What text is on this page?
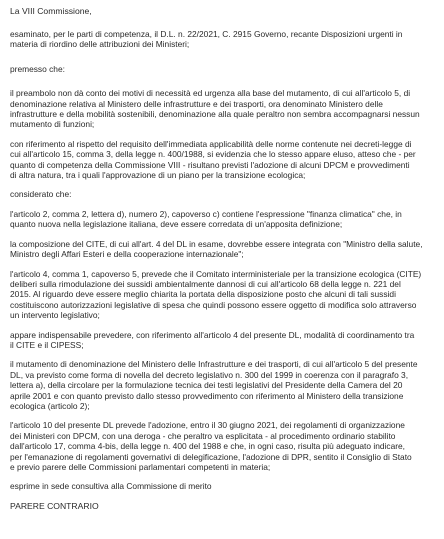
La VIII Commissione,
esaminato, per le parti di competenza, il D.L. n. 22/2021, C. 2915 Governo, recante Disposizioni urgenti in
materia di riordino delle attribuzioni dei Ministeri;
premesso che:
il preambolo non dà conto dei motivi di necessità ed urgenza alla base del mutamento, di cui all'articolo 5, di
denominazione relativa al Ministero delle infrastrutture e dei trasporti, ora denominato Ministero delle
infrastrutture e della mobilità sostenibili, denominazione alla quale peraltro non sembra accompagnarsi nessun
mutamento di funzioni;
con riferimento al rispetto del requisito dell'immediata applicabilità delle norme contenute nei decreti-legge di
cui all'articolo 15, comma 3, della legge n. 400/1988, si evidenzia che lo stesso appare eluso, atteso che - per
quanto di competenza della Commissione VIII - risultano previsti l'adozione di alcuni DPCM e provvedimenti
di altra natura, tra i quali l'approvazione di un piano per la transizione ecologica;
considerato che:
l'articolo 2, comma 2, lettera d), numero 2), capoverso c) contiene l'espressione "finanza climatica" che, in
quanto nuova nella legislazione italiana, deve essere corredata di un'apposita definizione;
la composizione del CITE, di cui all'art. 4 del DL in esame, dovrebbe essere integrata con "Ministro della salute,
Ministro degli Affari Esteri e della cooperazione internazionale";
l'articolo 4, comma 1, capoverso 5, prevede che il Comitato interministeriale per la transizione ecologica (CITE)
deliberi sulla rimodulazione dei sussidi ambientalmente dannosi di cui all'articolo 68 della legge n. 221 del
2015. Al riguardo deve essere meglio chiarita la portata della disposizione posto che alcuni di tali sussidi
costituiscono autorizzazioni legislative di spesa che quindi possono essere oggetto di modifica solo attraverso
un intervento legislativo;
appare indispensabile prevedere, con riferimento all'articolo 4 del presente DL, modalità di coordinamento tra
il CITE e il CIPESS;
il mutamento di denominazione del Ministero delle Infrastrutture e dei trasporti, di cui all'articolo 5 del presente
DL, va previsto come forma di novella del decreto legislativo n. 300 del 1999 in coerenza con il paragrafo 3,
lettera a), della circolare per la formulazione tecnica dei testi legislativi del Presidente della Camera del 20
aprile 2001 e con quanto previsto dallo stesso provvedimento con riferimento al Ministero della transizione
ecologica (articolo 2);
l'articolo 10 del presente DL prevede l'adozione, entro il 30 giugno 2021, dei regolamenti di organizzazione
dei Ministeri con DPCM, con una deroga - che peraltro va esplicitata - al procedimento ordinario stabilito
dall'articolo 17, comma 4-bis, della legge n. 400 del 1988 e che, in ogni caso, risulta più adeguato indicare,
per l'emanazione di regolamenti governativi di delegificazione, l'adozione di DPR, sentito il Consiglio di Stato
e previo parere delle Commissioni parlamentari competenti in materia;
esprime in sede consultiva alla Commissione di merito
PARERE CONTRARIO
